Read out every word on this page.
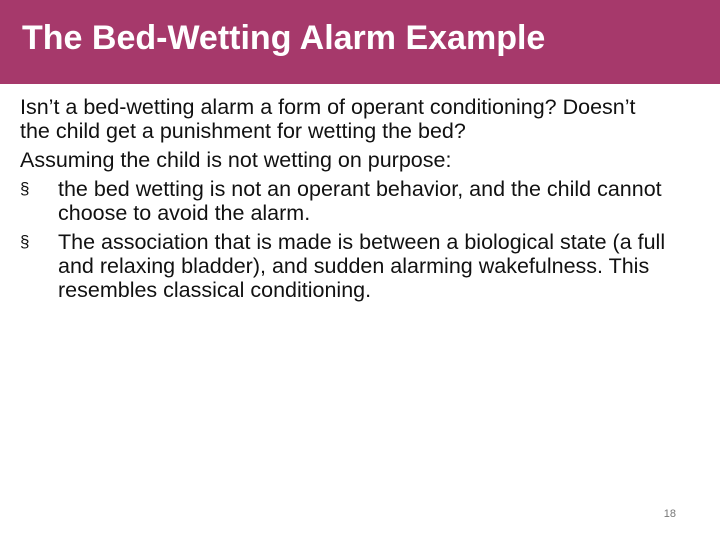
The Bed-Wetting Alarm Example

Isn’t a bed-wetting alarm a form of operant conditioning? Doesn’t the child get a punishment for wetting the bed?

Assuming the child is not wetting on purpose:

§ the bed wetting is not an operant behavior, and the child cannot choose to avoid the alarm.
§ The association that is made is between a biological state (a full and relaxing bladder), and sudden alarming wakefulness. This resembles classical conditioning.
18
